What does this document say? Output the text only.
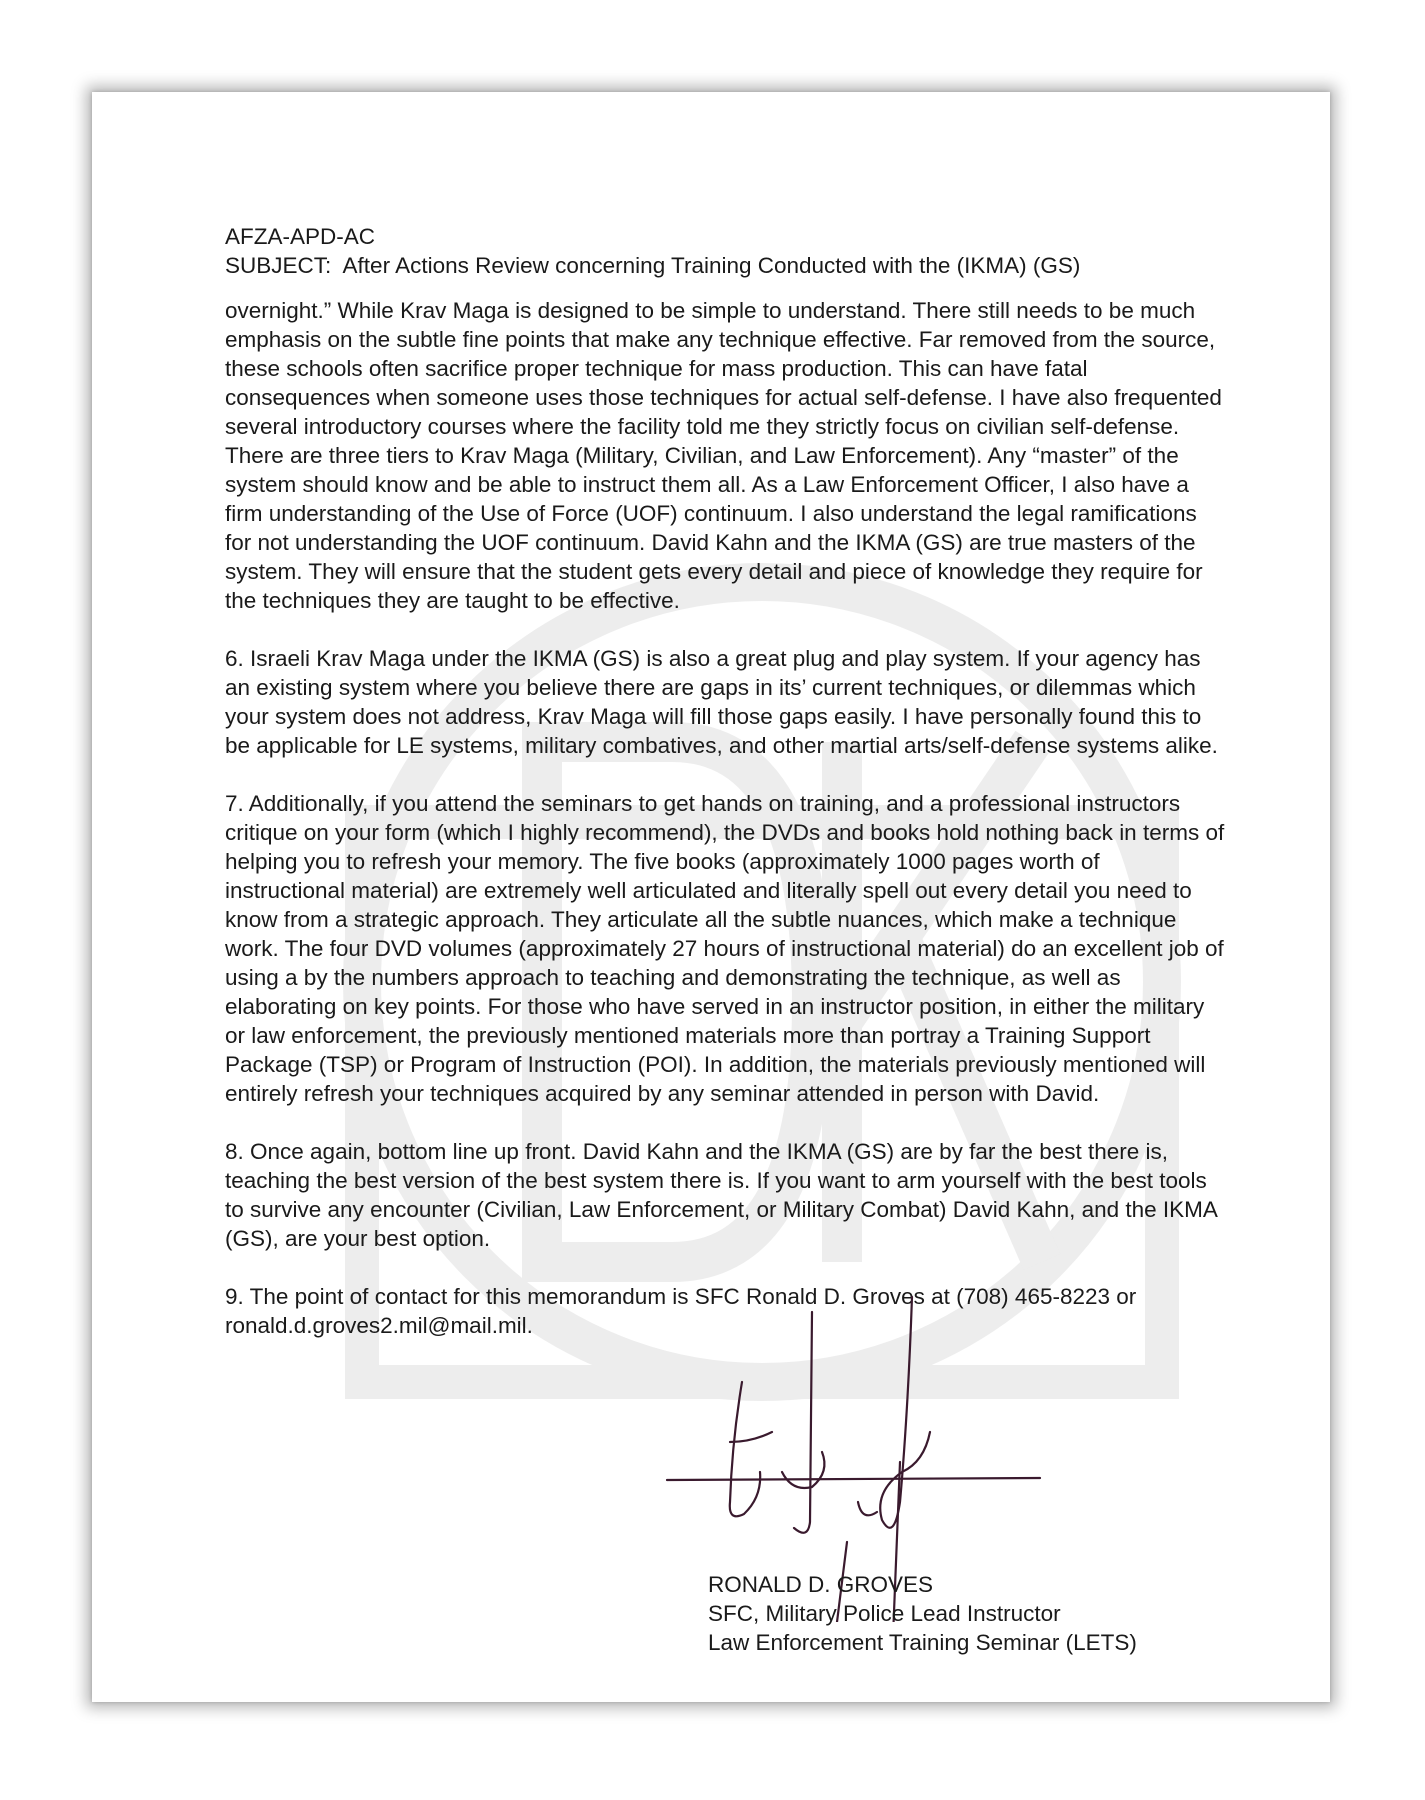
AFZA-APD-AC

SUBJECT: After Actions Review concerning Training Conducted with the (IKMA) (GS)

overnight.” While Krav Maga is designed to be simple to understand. There still needs to be much emphasis on the subtle fine points that make any technique effective. Far removed from the source, these schools often sacrifice proper technique for mass production. This can have fatal consequences when someone uses those techniques for actual self-defense. I have also frequented several introductory courses where the facility told me they strictly focus on civilian self-defense. There are three tiers to Krav Maga (Military, Civilian, and Law Enforcement). Any “master” of the system should know and be able to instruct them all. As a Law Enforcement Officer, I also have a firm understanding of the Use of Force (UOF) continuum. I also understand the legal ramifications for not understanding the UOF continuum. David Kahn and the IKMA (GS) are true masters of the system. They will ensure that the student gets every detail and piece of knowledge they require for the techniques they are taught to be effective.

6. Israeli Krav Maga under the IKMA (GS) is also a great plug and play system. If your agency has an existing system where you believe there are gaps in its’ current techniques, or dilemmas which your system does not address, Krav Maga will fill those gaps easily. I have personally found this to be applicable for LE systems, military combatives, and other martial arts/self-defense systems alike.

7. Additionally, if you attend the seminars to get hands on training, and a professional instructors critique on your form (which I highly recommend), the DVDs and books hold nothing back in terms of helping you to refresh your memory. The five books (approximately 1000 pages worth of instructional material) are extremely well articulated and literally spell out every detail you need to know from a strategic approach. They articulate all the subtle nuances, which make a technique work. The four DVD volumes (approximately 27 hours of instructional material) do an excellent job of using a by the numbers approach to teaching and demonstrating the technique, as well as elaborating on key points. For those who have served in an instructor position, in either the military or law enforcement, the previously mentioned materials more than portray a Training Support Package (TSP) or Program of Instruction (POI). In addition, the materials previously mentioned will entirely refresh your techniques acquired by any seminar attended in person with David.

8. Once again, bottom line up front. David Kahn and the IKMA (GS) are by far the best there is, teaching the best version of the best system there is. If you want to arm yourself with the best tools to survive any encounter (Civilian, Law Enforcement, or Military Combat) David Kahn, and the IKMA (GS), are your best option.

9. The point of contact for this memorandum is SFC Ronald D. Groves at (708) 465-8223 or ronald.d.groves2.mil@mail.mil.

RONALD D. GROVES
SFC, Military Police Lead Instructor
Law Enforcement Training Seminar (LETS)
